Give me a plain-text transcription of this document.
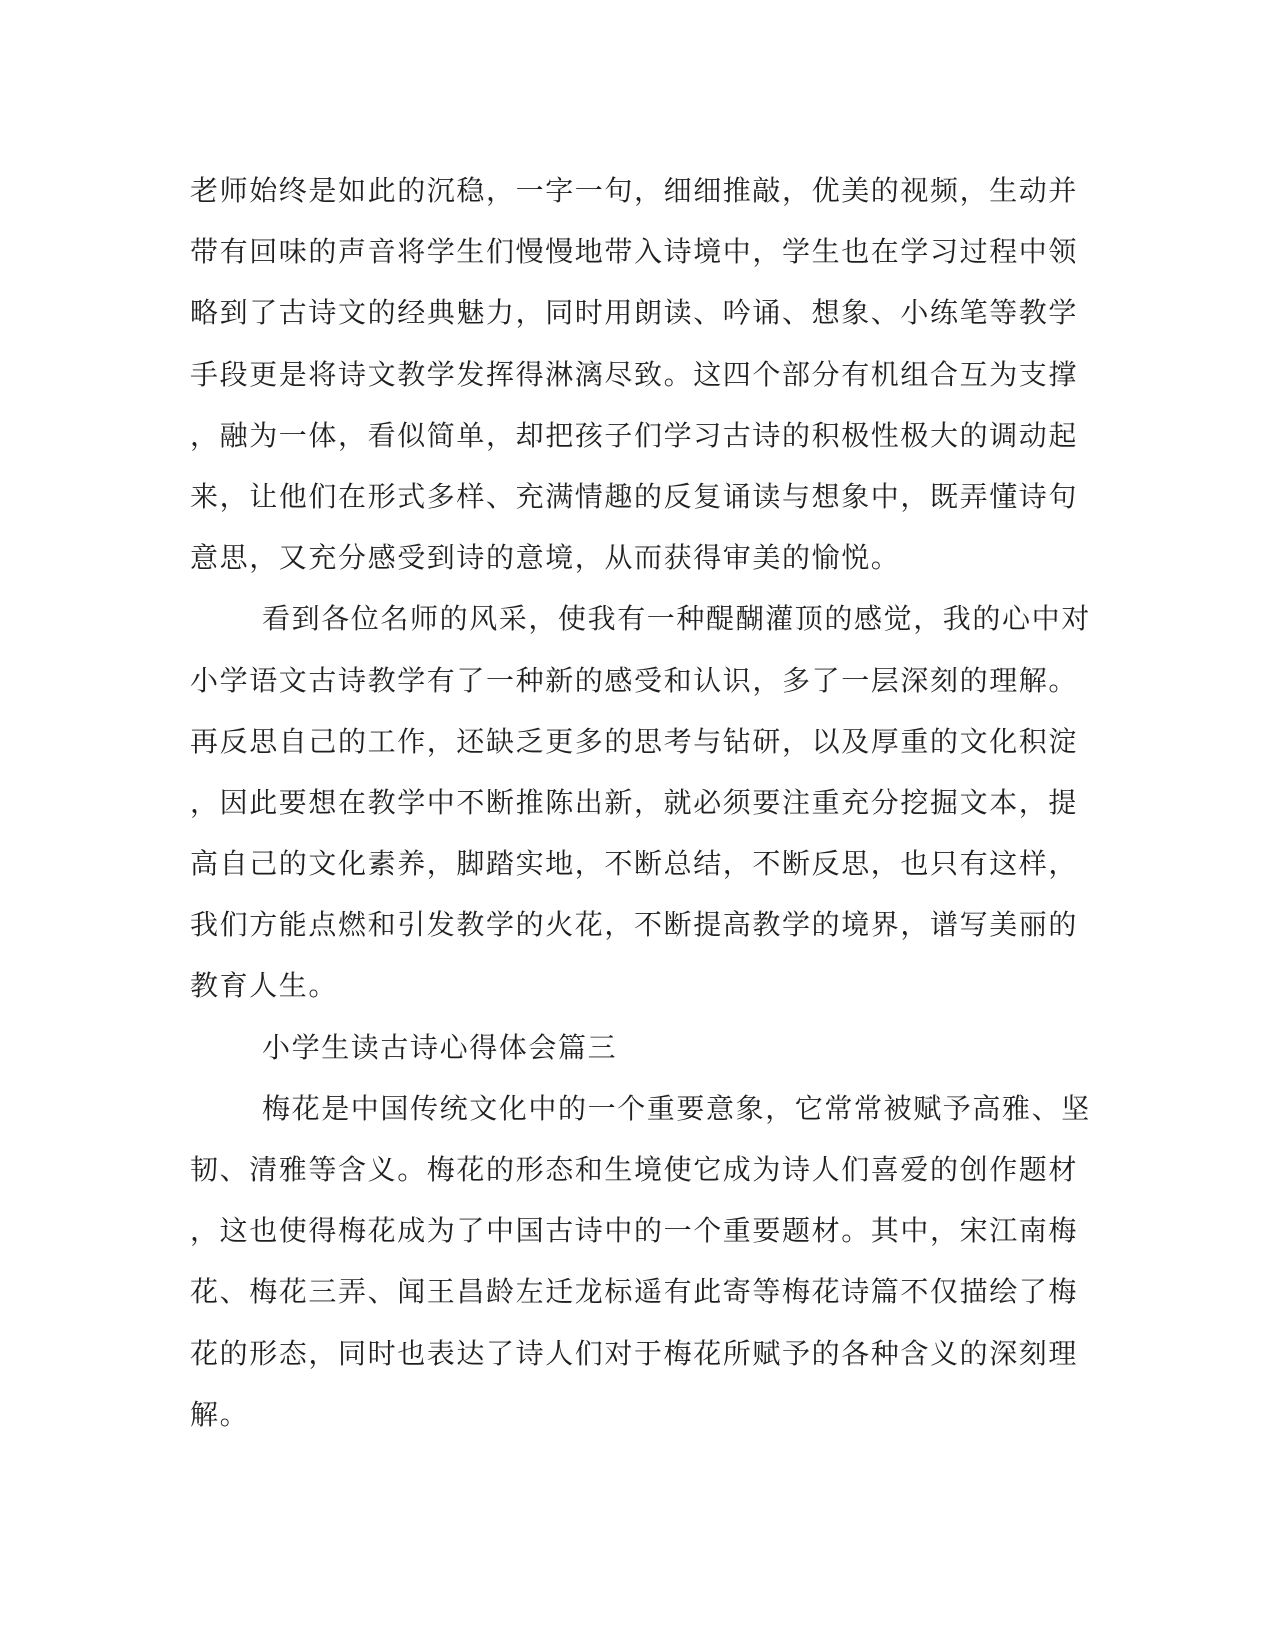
老师始终是如此的沉稳，一字一句，细细推敲，优美的视频，生动并
带有回味的声音将学生们慢慢地带入诗境中，学生也在学习过程中领
略到了古诗文的经典魅力，同时用朗读、吟诵、想象、小练笔等教学
手段更是将诗文教学发挥得淋漓尽致。这四个部分有机组合互为支撑
，融为一体，看似简单，却把孩子们学习古诗的积极性极大的调动起
来，让他们在形式多样、充满情趣的反复诵读与想象中，既弄懂诗句
意思，又充分感受到诗的意境，从而获得审美的愉悦。
看到各位名师的风采，使我有一种醍醐灌顶的感觉，我的心中对
小学语文古诗教学有了一种新的感受和认识，多了一层深刻的理解。
再反思自己的工作，还缺乏更多的思考与钻研，以及厚重的文化积淀
，因此要想在教学中不断推陈出新，就必须要注重充分挖掘文本，提
高自己的文化素养，脚踏实地，不断总结，不断反思，也只有这样，
我们方能点燃和引发教学的火花，不断提高教学的境界，谱写美丽的
教育人生。
小学生读古诗心得体会篇三
梅花是中国传统文化中的一个重要意象，它常常被赋予高雅、坚
韧、清雅等含义。梅花的形态和生境使它成为诗人们喜爱的创作题材
，这也使得梅花成为了中国古诗中的一个重要题材。其中，宋江南梅
花、梅花三弄、闻王昌龄左迁龙标遥有此寄等梅花诗篇不仅描绘了梅
花的形态，同时也表达了诗人们对于梅花所赋予的各种含义的深刻理
解。
